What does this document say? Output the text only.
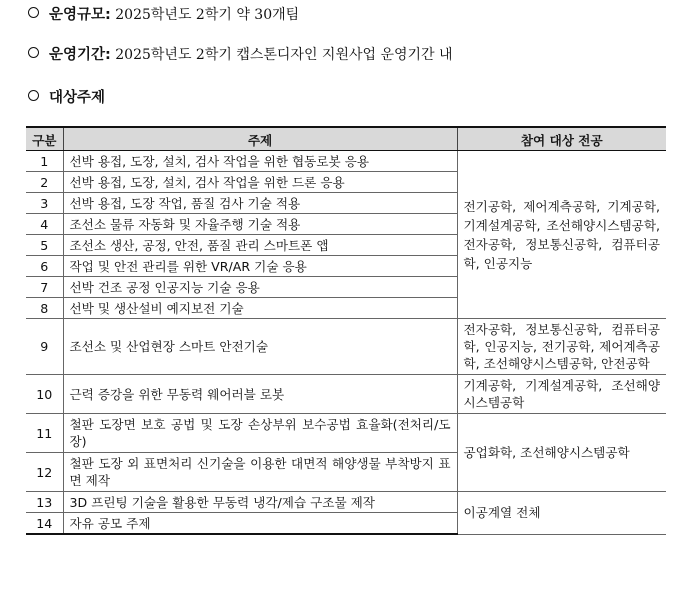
운영규모: 2025학년도 2학기 약 30개팀
운영기간: 2025학년도 2학기 캡스톤디자인 지원사업 운영기간 내
대상주제
구분	주제	참여 대상 전공
1	선박 용접, 도장, 설치, 검사 작업을 위한 협동로봇 응용	전기공학, 제어계측공학, 기계공학, 기계설계공학, 조선해양시스템공학, 전자공학, 정보통신공학, 컴퓨터공학, 인공지능
2	선박 용접, 도장, 설치, 검사 작업을 위한 드론 응용	
3	선박 용접, 도장 작업, 품질 검사 기술 적용	
4	조선소 물류 자동화 및 자율주행 기술 적용	
5	조선소 생산, 공정, 안전, 품질 관리 스마트폰 앱	
6	작업 및 안전 관리를 위한 VR/AR 기술 응용	
7	선박 건조 공정 인공지능 기술 응용	
8	선박 및 생산설비 예지보전 기술	
9	조선소 및 산업현장 스마트 안전기술	전자공학, 정보통신공학, 컴퓨터공학, 인공지능, 전기공학, 제어계측공학, 조선해양시스템공학, 안전공학
10	근력 증강을 위한 무동력 웨어러블 로봇	기계공학, 기계설계공학, 조선해양시스템공학
11	철판 도장면 보호 공법 및 도장 손상부위 보수공법 효율화(전처리/도장)	공업화학, 조선해양시스템공학
12	철판 도장 외 표면처리 신기술을 이용한 대면적 해양생물 부착방지 표면 제작	
13	3D 프린팅 기술을 활용한 무동력 냉각/제습 구조물 제작	이공계열 전체
14	자유 공모 주제	
